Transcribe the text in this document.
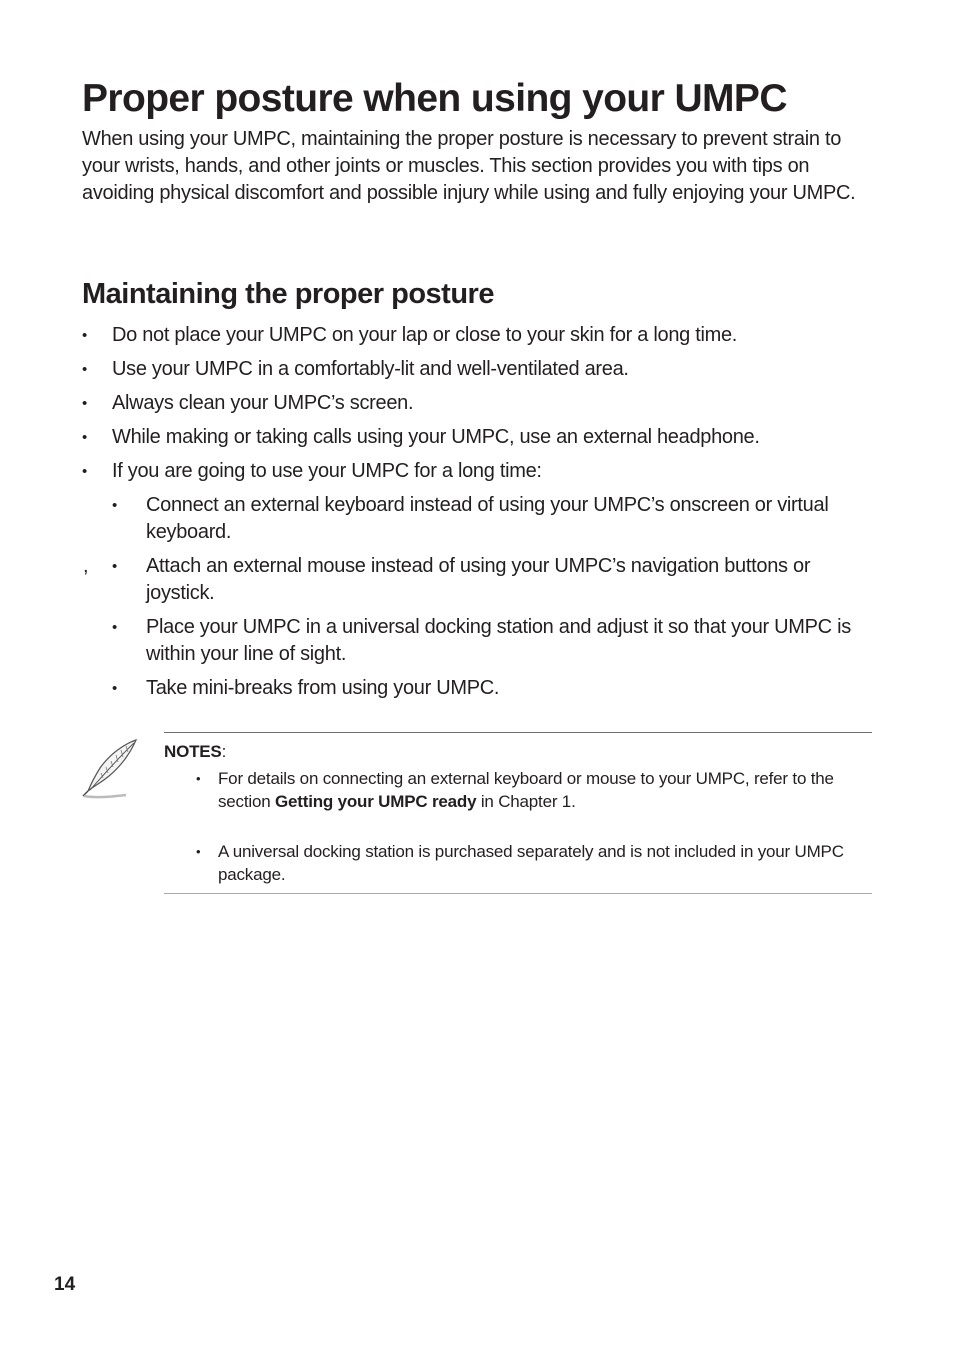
Proper posture when using your UMPC

When using your UMPC, maintaining the proper posture is necessary to prevent strain to your wrists, hands, and other joints or muscles. This section provides you with tips on avoiding physical discomfort and possible injury while using and fully enjoying your UMPC.

Maintaining the proper posture
• Do not place your UMPC on your lap or close to your skin for a long time.
• Use your UMPC in a comfortably-lit and well-ventilated area.
• Always clean your UMPC’s screen.
• While making or taking calls using your UMPC, use an external headphone.
• If you are going to use your UMPC for a long time:
• Connect an external keyboard instead of using your UMPC’s onscreen or virtual keyboard.
, • Attach an external mouse instead of using your UMPC’s navigation buttons or joystick.
• Place your UMPC in a universal docking station and adjust it so that your UMPC is within your line of sight.
• Take mini-breaks from using your UMPC.
NOTES:
•	For details on connecting an external keyboard or mouse to your UMPC, refer to the section Getting your UMPC ready in Chapter 1.
•	A universal docking station is purchased separately and is not included in your UMPC package.
14
